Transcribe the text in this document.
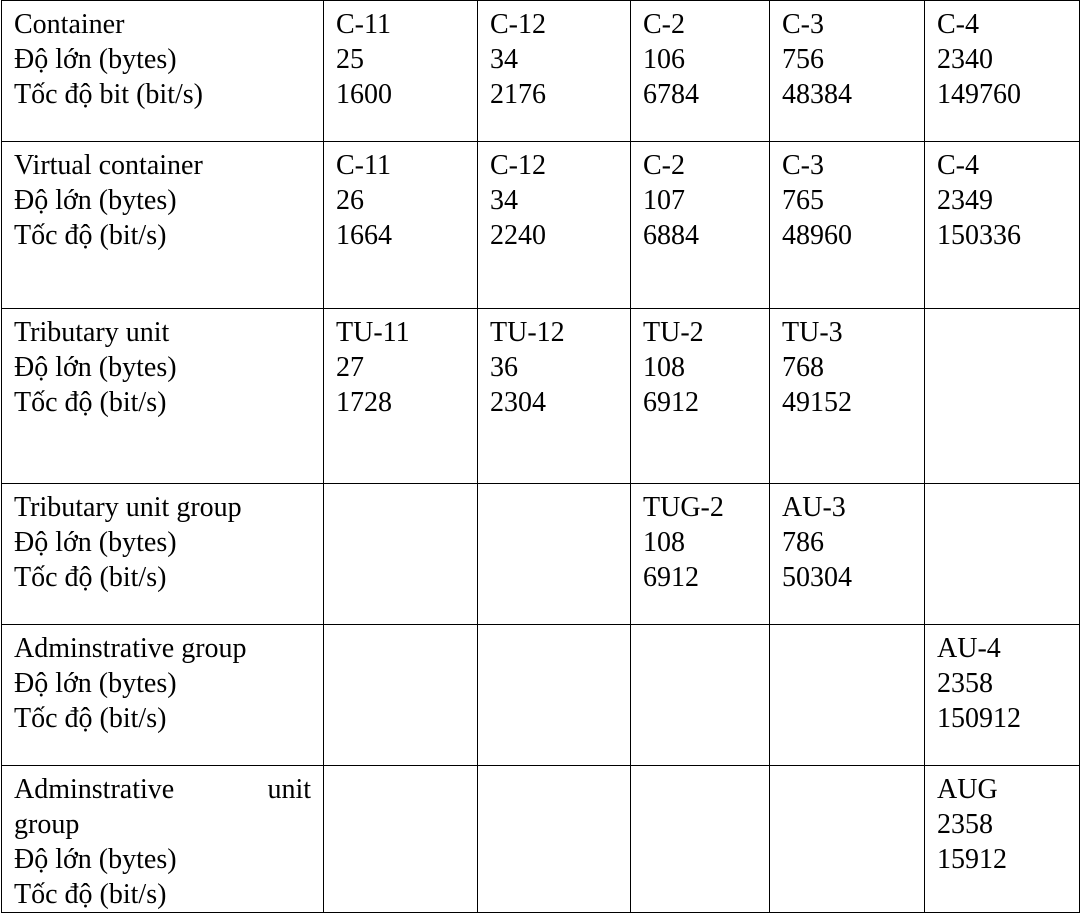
Container
Độ lớn (bytes)
Tốc độ bit (bit/s)	C-11
25
1600	C-12
34
2176	C-2
106
6784	C-3
756
48384	C-4
2340
149760

Virtual container
Độ lớn (bytes)
Tốc độ (bit/s)	C-11
26
1664	C-12
34
2240	C-2
107
6884	C-3
765
48960	C-4
2349
150336

Tributary unit
Độ lớn (bytes)
Tốc độ (bit/s)	TU-11
27
1728	TU-12
36
2304	TU-2
108
6912	TU-3
768
49152	

Tributary unit group
Độ lớn (bytes)
Tốc độ (bit/s)			TUG-2
108
6912	AU-3
786
50304	

Adminstrative group
Độ lớn (bytes)
Tốc độ (bit/s)					AU-4
2358
150912

Adminstrative unit
group
Độ lớn (bytes)
Tốc độ (bit/s)					AUG
2358
15912
